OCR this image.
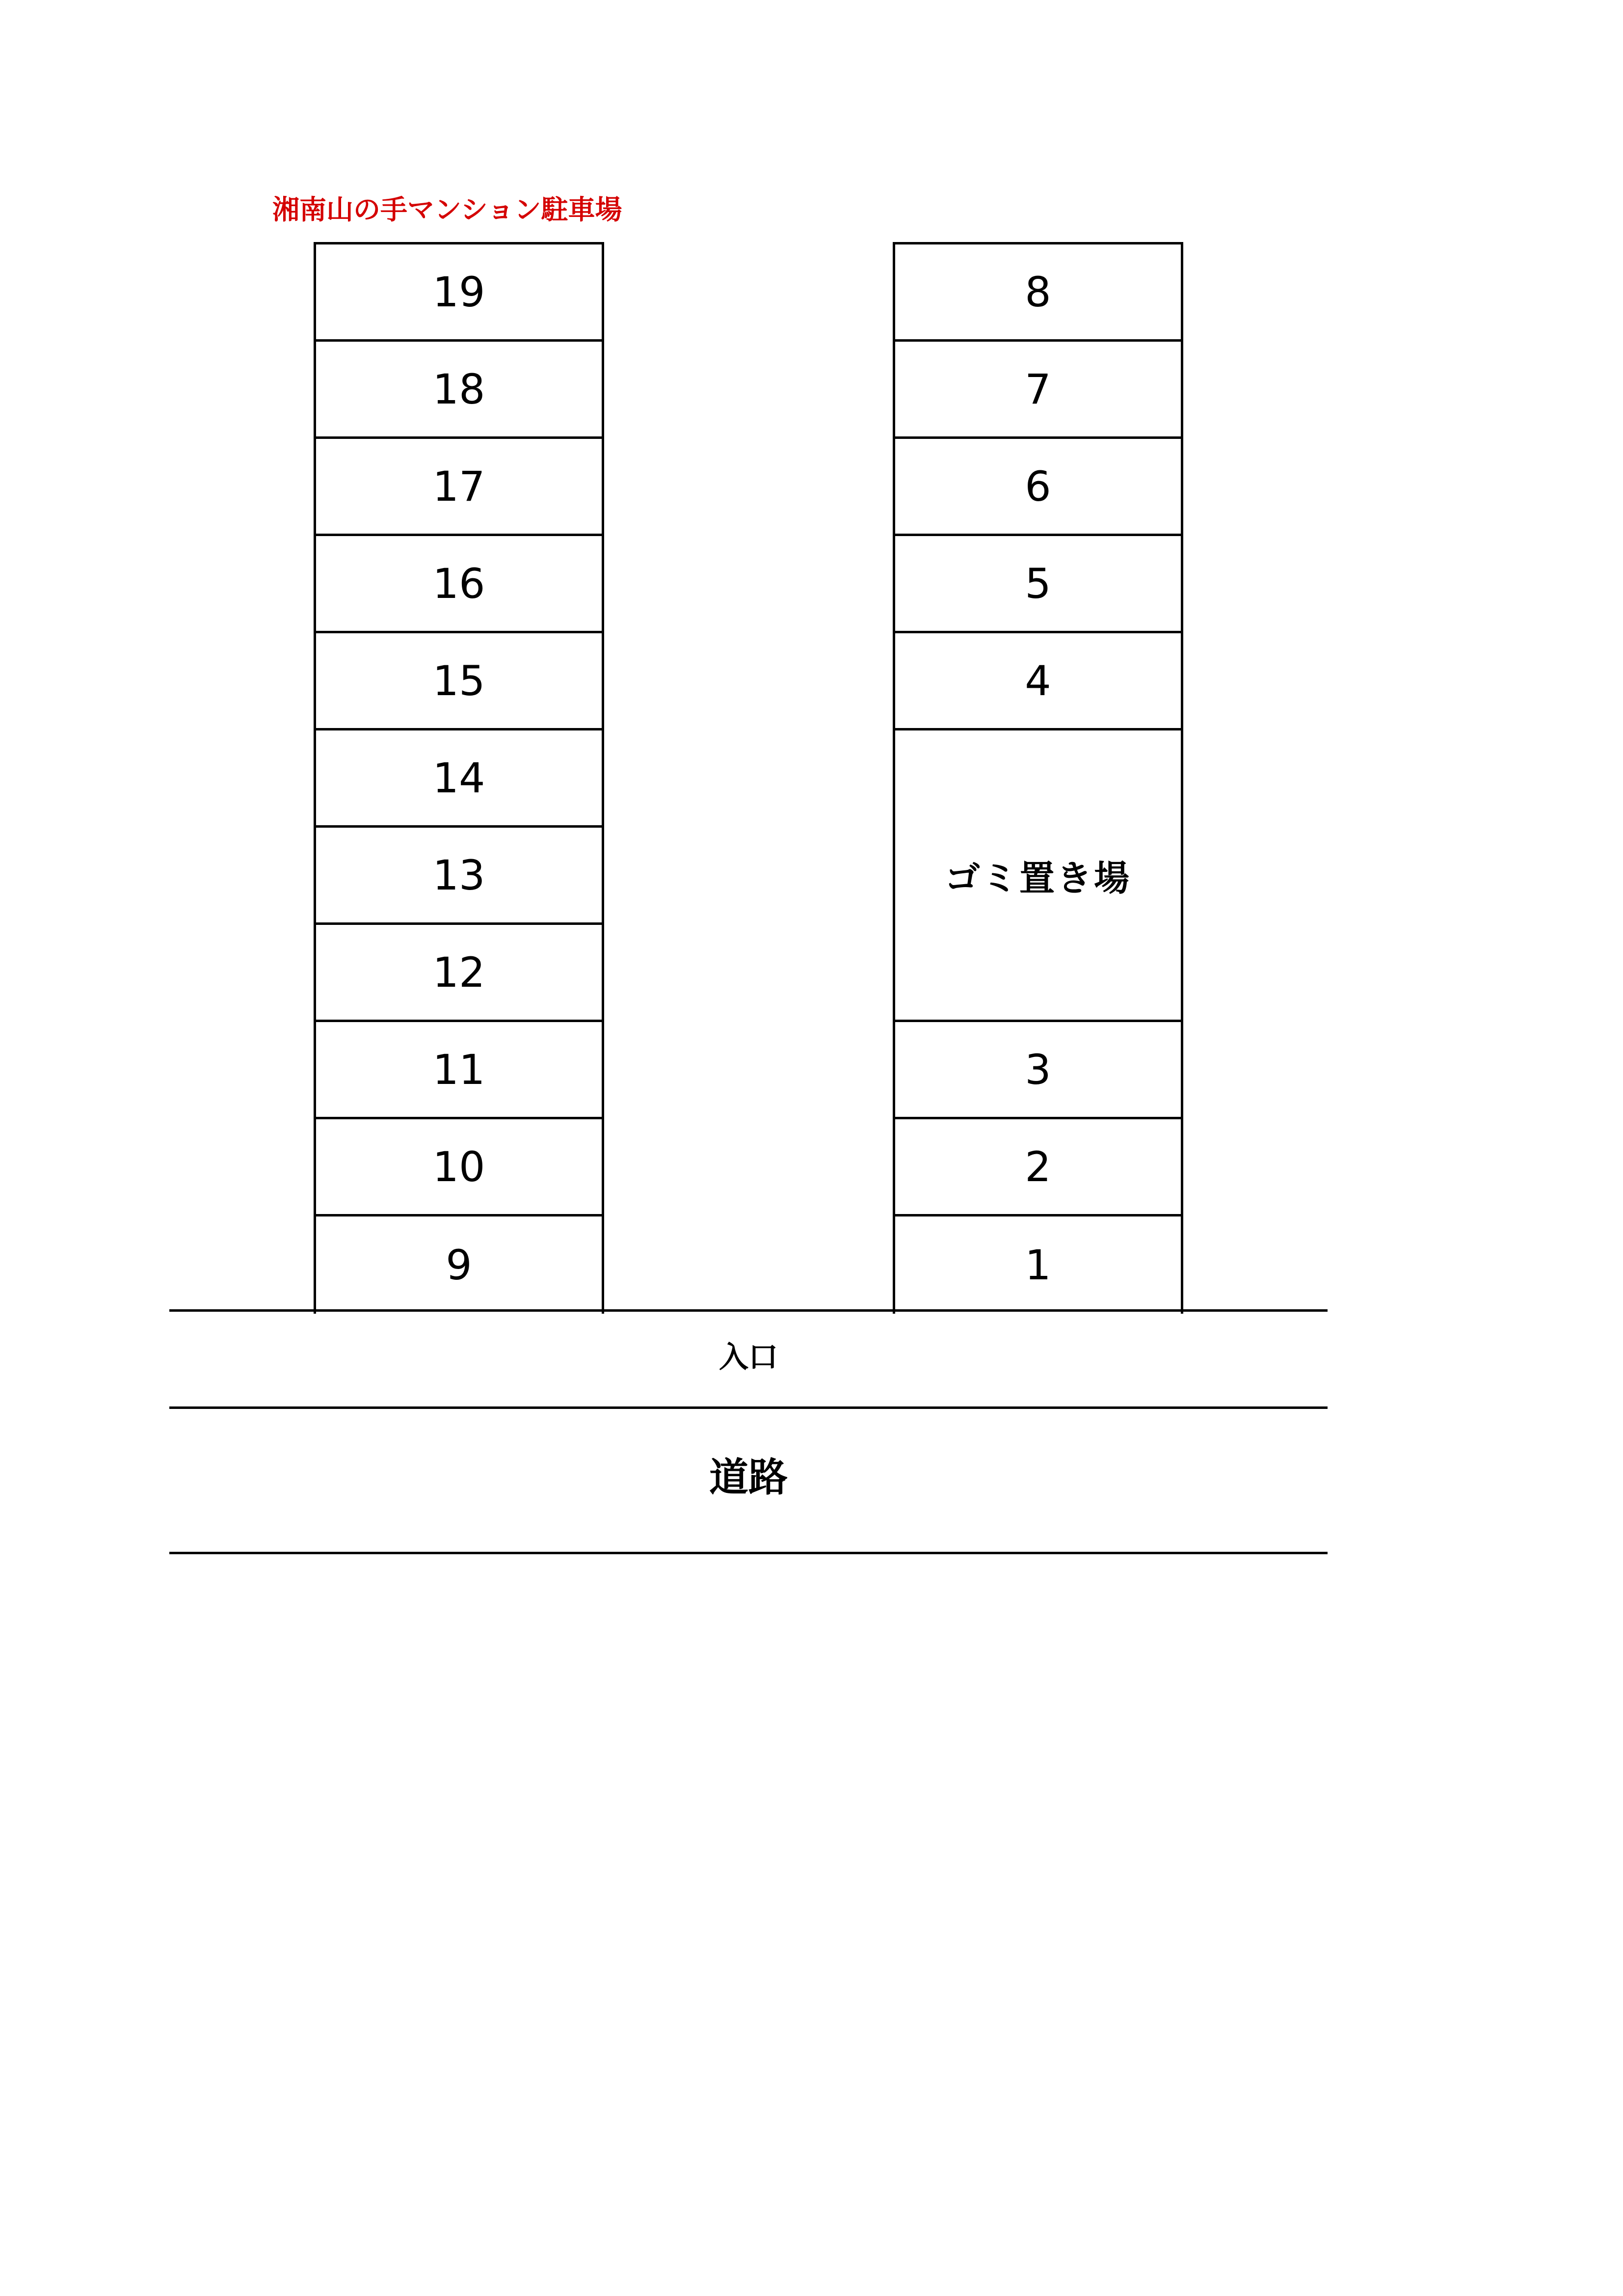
湘南山の手マンション駐車場
19
18
17
16
15
14
13
12
11
10
9
8
7
6
5
4
ゴミ置き場
3
2
1
入口
道路
